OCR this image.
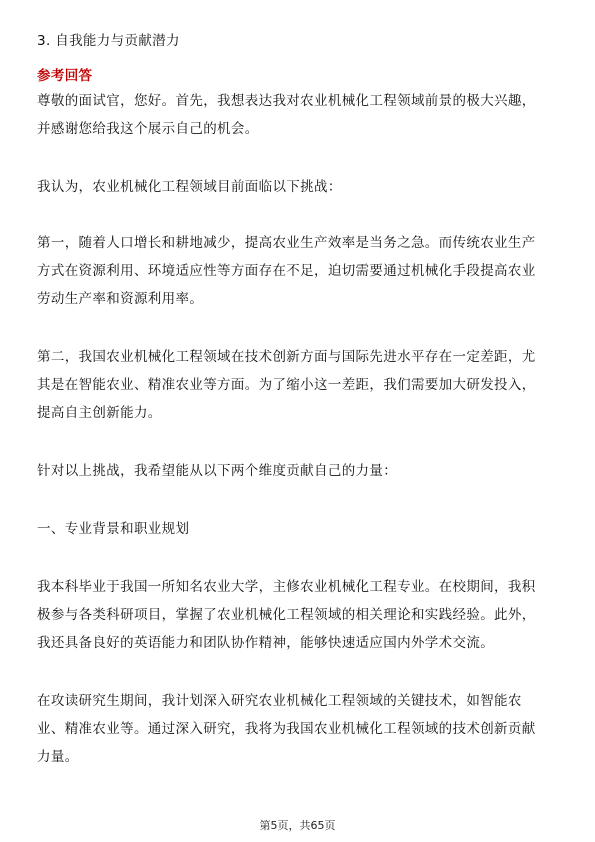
3. 自我能力与贡献潜力
参考回答
尊敬的面试官，您好。首先，我想表达我对农业机械化工程领域前景的极大兴趣，
并感谢您给我这个展示自己的机会。
我认为，农业机械化工程领域目前面临以下挑战：
第一，随着人口增长和耕地减少，提高农业生产效率是当务之急。而传统农业生产
方式在资源利用、环境适应性等方面存在不足，迫切需要通过机械化手段提高农业
劳动生产率和资源利用率。
第二，我国农业机械化工程领域在技术创新方面与国际先进水平存在一定差距，尤
其是在智能农业、精准农业等方面。为了缩小这一差距，我们需要加大研发投入，
提高自主创新能力。
针对以上挑战，我希望能从以下两个维度贡献自己的力量：
一、专业背景和职业规划
我本科毕业于我国一所知名农业大学，主修农业机械化工程专业。在校期间，我积
极参与各类科研项目，掌握了农业机械化工程领域的相关理论和实践经验。此外，
我还具备良好的英语能力和团队协作精神，能够快速适应国内外学术交流。
在攻读研究生期间，我计划深入研究农业机械化工程领域的关键技术，如智能农
业、精准农业等。通过深入研究，我将为我国农业机械化工程领域的技术创新贡献
力量。
第5页，共65页
